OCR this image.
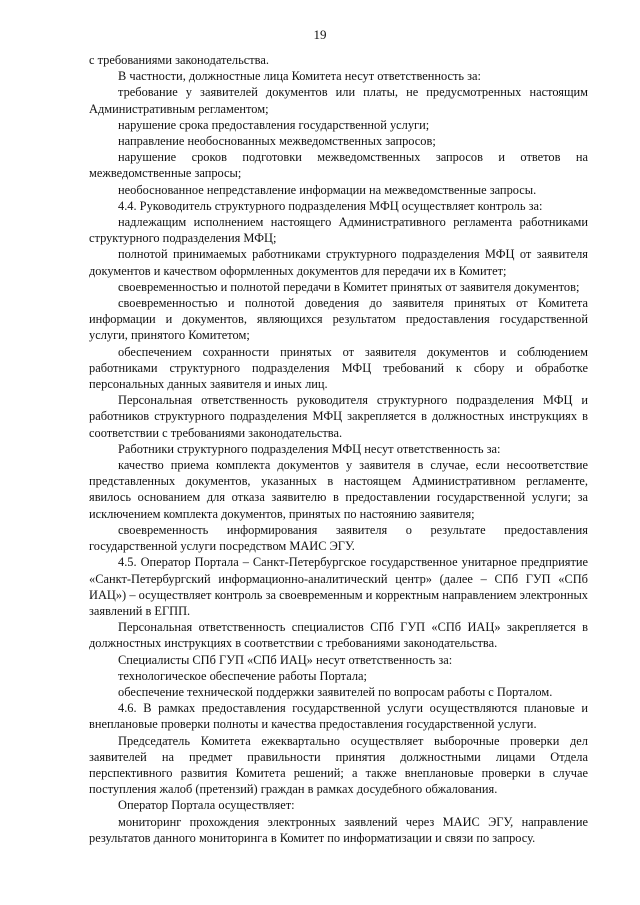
19

с требованиями законодательства.

В частности, должностные лица Комитета несут ответственность за:

требование у заявителей документов или платы, не предусмотренных настоящим Административным регламентом;

нарушение срока предоставления государственной услуги;

направление необоснованных межведомственных запросов;

нарушение сроков подготовки межведомственных запросов и ответов на межведомственные запросы;

необоснованное непредставление информации на межведомственные запросы.

4.4. Руководитель структурного подразделения МФЦ осуществляет контроль за:

надлежащим исполнением настоящего Административного регламента работниками структурного подразделения МФЦ;

полнотой принимаемых работниками структурного подразделения МФЦ от заявителя документов и качеством оформленных документов для передачи их в Комитет;

своевременностью и полнотой передачи в Комитет принятых от заявителя документов;

своевременностью и полнотой доведения до заявителя принятых от Комитета информации и документов, являющихся результатом предоставления государственной услуги, принятого Комитетом;

обеспечением сохранности принятых от заявителя документов и соблюдением работниками структурного подразделения МФЦ требований к сбору и обработке персональных данных заявителя и иных лиц.

Персональная ответственность руководителя структурного подразделения МФЦ и работников структурного подразделения МФЦ закрепляется в должностных инструкциях в соответствии с требованиями законодательства.

Работники структурного подразделения МФЦ несут ответственность за:

качество приема комплекта документов у заявителя в случае, если несоответствие представленных документов, указанных в настоящем Административном регламенте, явилось основанием для отказа заявителю в предоставлении государственной услуги; за исключением комплекта документов, принятых по настоянию заявителя;

своевременность информирования заявителя о результате предоставления государственной услуги посредством МАИС ЭГУ.

4.5. Оператор Портала – Санкт-Петербургское государственное унитарное предприятие «Санкт-Петербургский информационно-аналитический центр» (далее – СПб ГУП «СПб ИАЦ») – осуществляет контроль за своевременным и корректным направлением электронных заявлений в ЕГПП.

Персональная ответственность специалистов СПб ГУП «СПб ИАЦ» закрепляется в должностных инструкциях в соответствии с требованиями законодательства.

Специалисты СПб ГУП «СПб ИАЦ» несут ответственность за:

технологическое обеспечение работы Портала;

обеспечение технической поддержки заявителей по вопросам работы с Порталом.

4.6. В рамках предоставления государственной услуги осуществляются плановые и внеплановые проверки полноты и качества предоставления государственной услуги.

Председатель Комитета ежеквартально осуществляет выборочные проверки дел заявителей на предмет правильности принятия должностными лицами Отдела перспективного развития Комитета решений; а также внеплановые проверки в случае поступления жалоб (претензий) граждан в рамках досудебного обжалования.

Оператор Портала осуществляет:

мониторинг прохождения электронных заявлений через МАИС ЭГУ, направление результатов данного мониторинга в Комитет по информатизации и связи по запросу.
